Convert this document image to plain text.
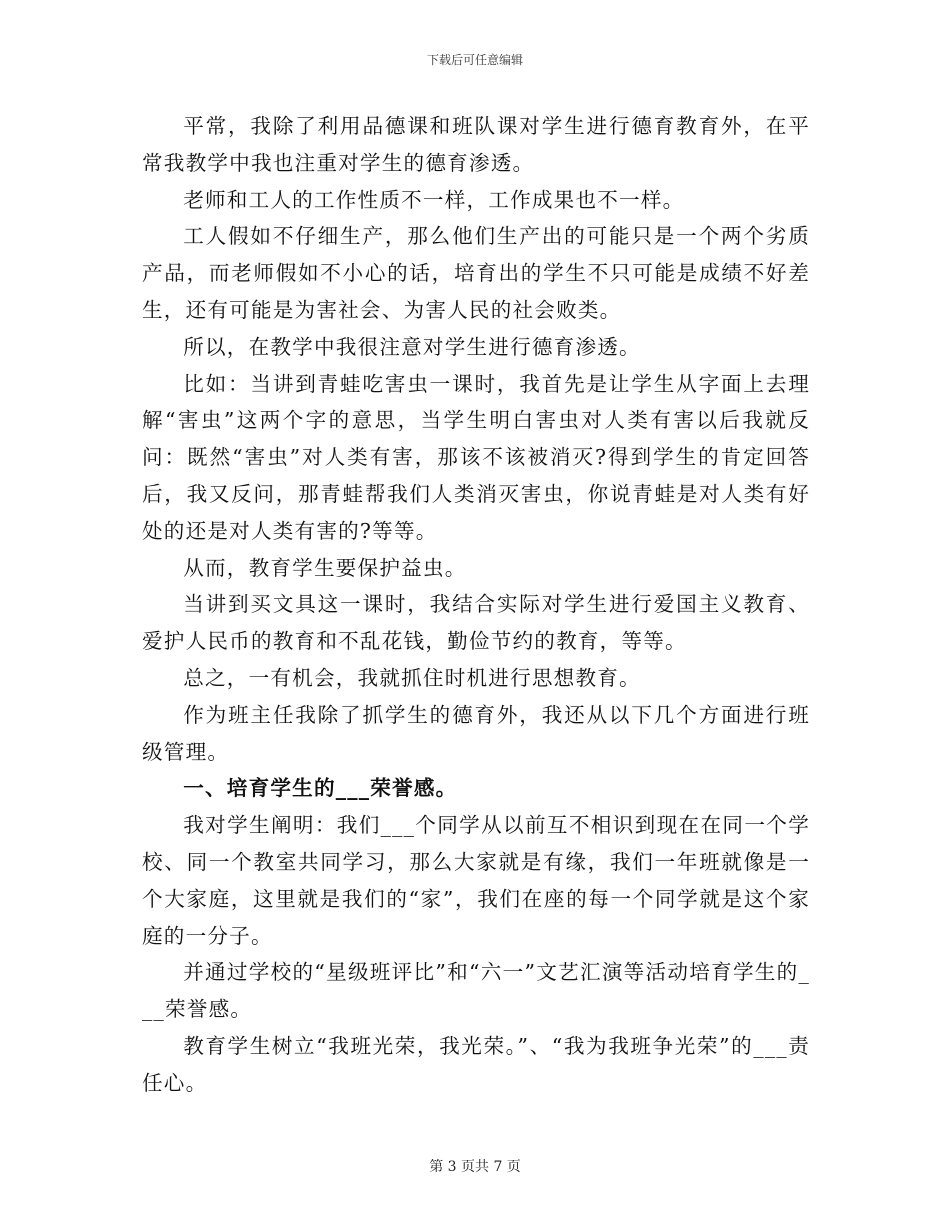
下载后可任意编辑

平常，我除了利用品德课和班队课对学生进行德育教育外，在平常我教学中我也注重对学生的德育渗透。

老师和工人的工作性质不一样，工作成果也不一样。

工人假如不仔细生产，那么他们生产出的可能只是一个两个劣质产品，而老师假如不小心的话，培育出的学生不只可能是成绩不好差生，还有可能是为害社会、为害人民的社会败类。

所以，在教学中我很注意对学生进行德育渗透。

比如：当讲到青蛙吃害虫一课时，我首先是让学生从字面上去理解“害虫”这两个字的意思，当学生明白害虫对人类有害以后我就反问：既然“害虫”对人类有害，那该不该被消灭?得到学生的肯定回答后，我又反问，那青蛙帮我们人类消灭害虫，你说青蛙是对人类有好处的还是对人类有害的?等等。

从而，教育学生要保护益虫。

当讲到买文具这一课时，我结合实际对学生进行爱国主义教育、爱护人民币的教育和不乱花钱，勤俭节约的教育，等等。

总之，一有机会，我就抓住时机进行思想教育。

作为班主任我除了抓学生的德育外，我还从以下几个方面进行班级管理。

一、培育学生的___荣誉感。

我对学生阐明：我们___个同学从以前互不相识到现在在同一个学校、同一个教室共同学习，那么大家就是有缘，我们一年班就像是一个大家庭，这里就是我们的“家”，我们在座的每一个同学就是这个家庭的一分子。

并通过学校的“星级班评比”和“六一”文艺汇演等活动培育学生的___荣誉感。

教育学生树立“我班光荣，我光荣。”、“我为我班争光荣”的___责任心。

第 3 页共 7 页
